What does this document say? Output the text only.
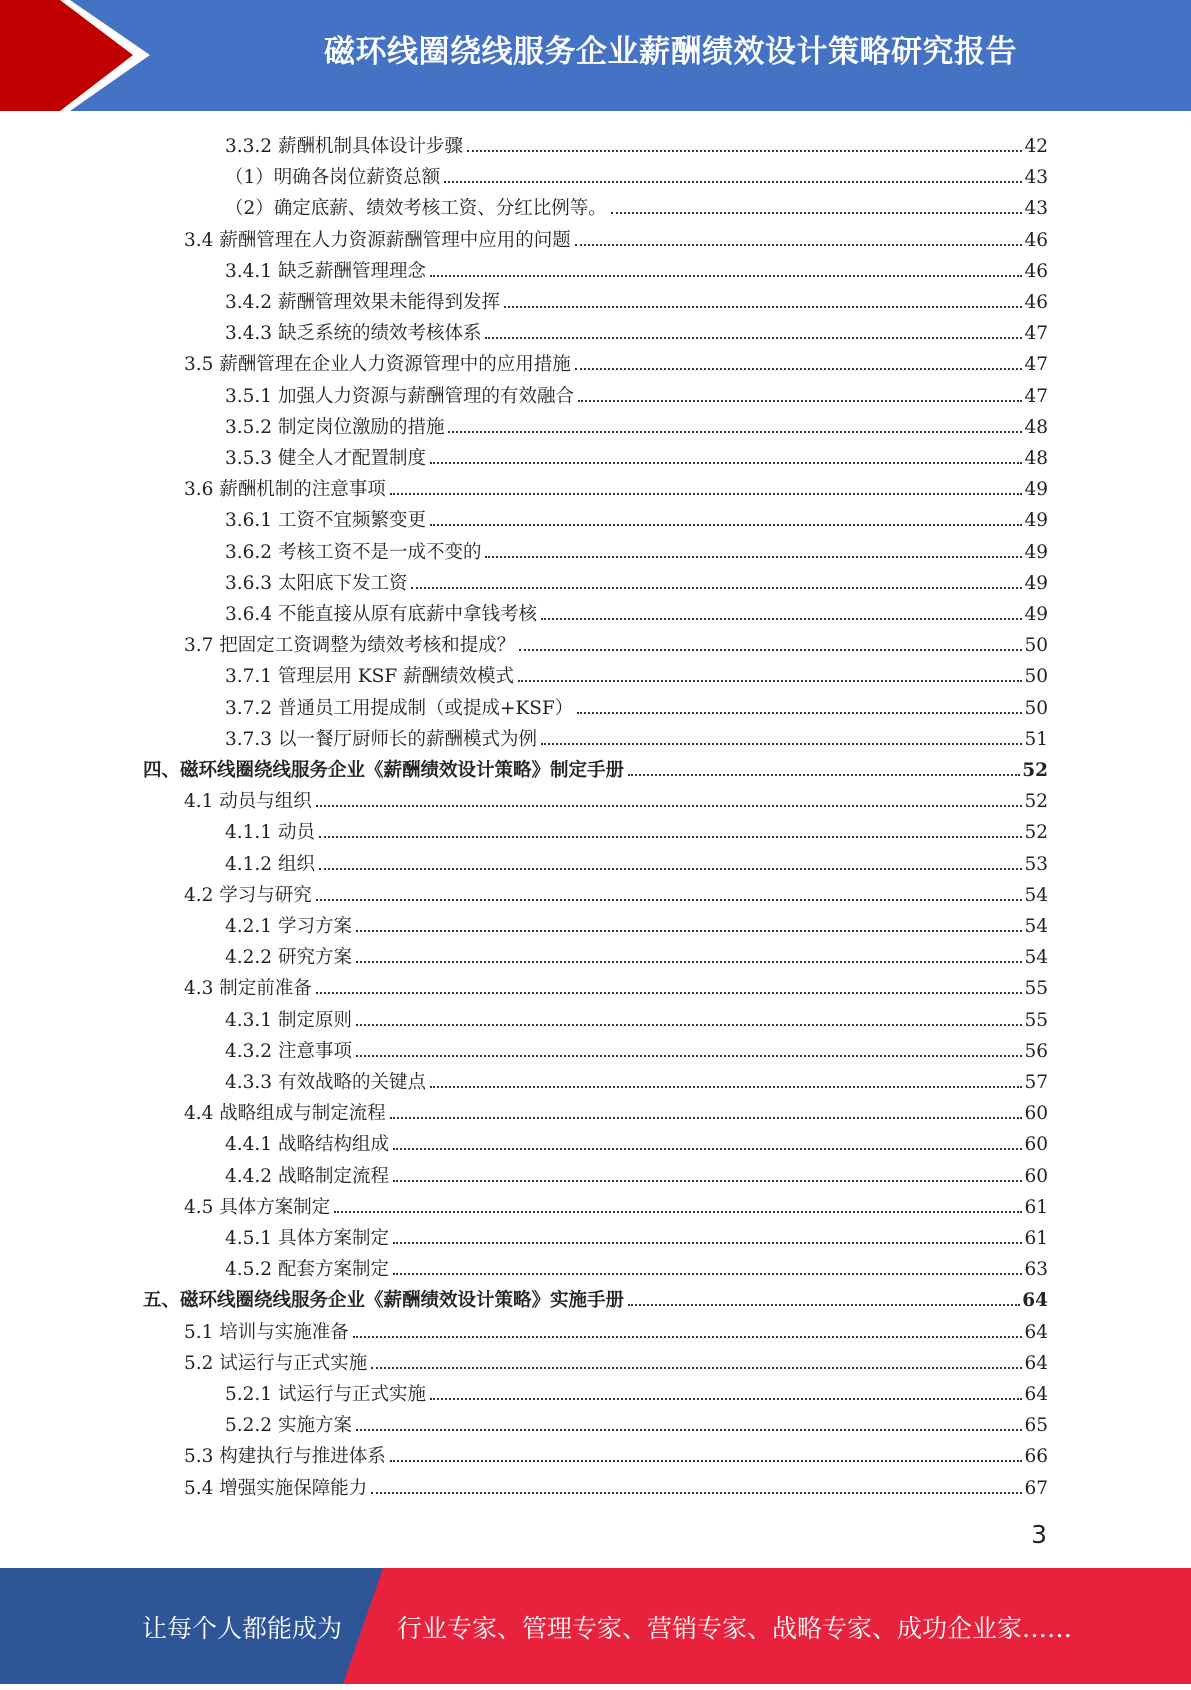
磁环线圈绕线服务企业薪酬绩效设计策略研究报告
3.3.2 薪酬机制具体设计步骤	42
（1）明确各岗位薪资总额	43
（2）确定底薪、绩效考核工资、分红比例等。	43
3.4 薪酬管理在人力资源薪酬管理中应用的问题	46
3.4.1 缺乏薪酬管理理念	46
3.4.2 薪酬管理效果未能得到发挥	46
3.4.3 缺乏系统的绩效考核体系	47
3.5 薪酬管理在企业人力资源管理中的应用措施	47
3.5.1 加强人力资源与薪酬管理的有效融合	47
3.5.2 制定岗位激励的措施	48
3.5.3 健全人才配置制度	48
3.6 薪酬机制的注意事项	49
3.6.1 工资不宜频繁变更	49
3.6.2 考核工资不是一成不变的	49
3.6.3 太阳底下发工资	49
3.6.4 不能直接从原有底薪中拿钱考核	49
3.7 把固定工资调整为绩效考核和提成？	50
3.7.1 管理层用 KSF 薪酬绩效模式	50
3.7.2 普通员工用提成制（或提成+KSF）	50
3.7.3 以一餐厅厨师长的薪酬模式为例	51
四、磁环线圈绕线服务企业《薪酬绩效设计策略》制定手册	52
4.1 动员与组织	52
4.1.1 动员	52
4.1.2 组织	53
4.2 学习与研究	54
4.2.1 学习方案	54
4.2.2 研究方案	54
4.3 制定前准备	55
4.3.1 制定原则	55
4.3.2 注意事项	56
4.3.3 有效战略的关键点	57
4.4 战略组成与制定流程	60
4.4.1 战略结构组成	60
4.4.2 战略制定流程	60
4.5 具体方案制定	61
4.5.1 具体方案制定	61
4.5.2 配套方案制定	63
五、磁环线圈绕线服务企业《薪酬绩效设计策略》实施手册	64
5.1 培训与实施准备	64
5.2 试运行与正式实施	64
5.2.1 试运行与正式实施	64
5.2.2 实施方案	65
5.3 构建执行与推进体系	66
5.4 增强实施保障能力	67
3
让每个人都能成为 行业专家、管理专家、营销专家、战略专家、成功企业家……
